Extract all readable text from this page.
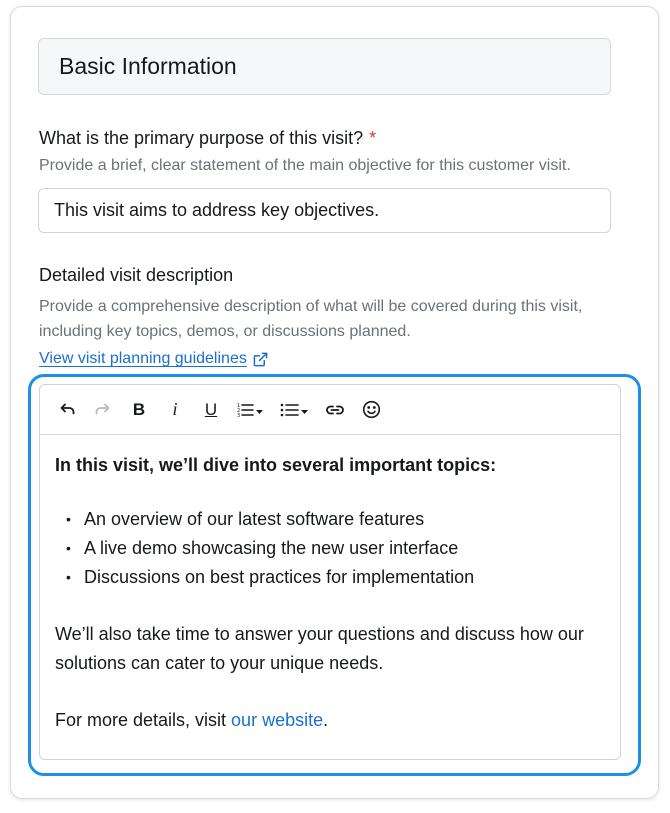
Basic Information
What is the primary purpose of this visit? *
Provide a brief, clear statement of the main objective for this customer visit.
This visit aims to address key objectives.
Detailed visit description
Provide a comprehensive description of what will be covered during this visit, including key topics, demos, or discussions planned.
View visit planning guidelines
B i U	1
2
3

In this visit, we’ll dive into several important topics:

• An overview of our latest software features
• A live demo showcasing the new user interface
• Discussions on best practices for implementation

We’ll also take time to answer your questions and discuss how our solutions can cater to your unique needs.

For more details, visit our website.
